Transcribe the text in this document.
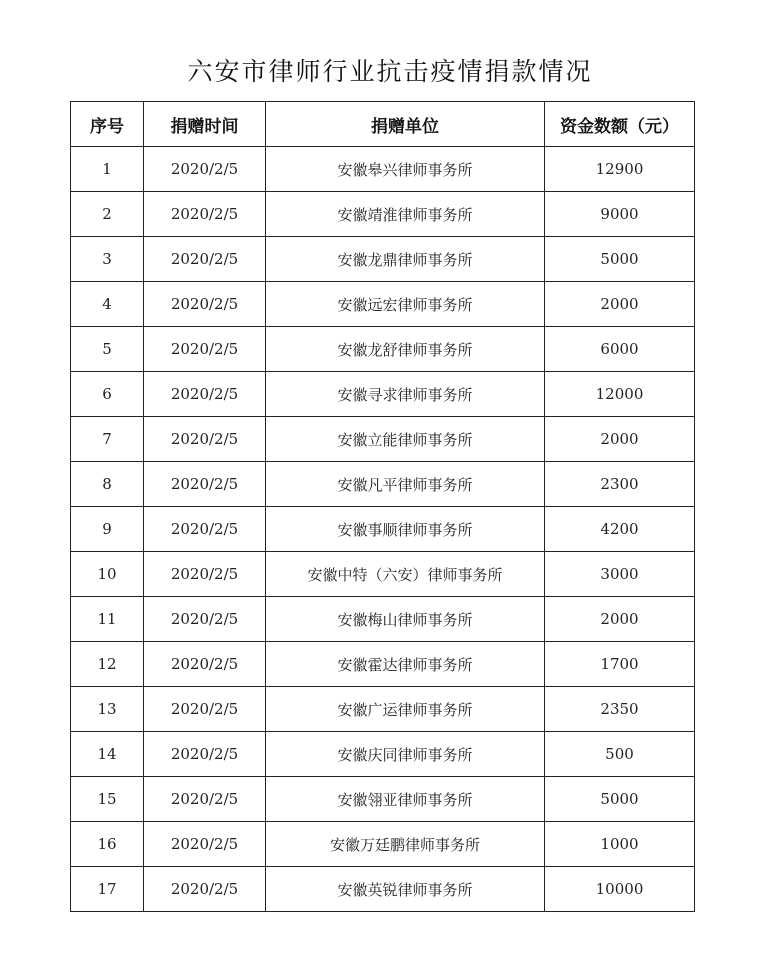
六安市律师行业抗击疫情捐款情况
序号	捐赠时间	捐赠单位	资金数额（元）
1	2020/2/5	安徽皋兴律师事务所	12900
2	2020/2/5	安徽靖淮律师事务所	9000
3	2020/2/5	安徽龙鼎律师事务所	5000
4	2020/2/5	安徽远宏律师事务所	2000
5	2020/2/5	安徽龙舒律师事务所	6000
6	2020/2/5	安徽寻求律师事务所	12000
7	2020/2/5	安徽立能律师事务所	2000
8	2020/2/5	安徽凡平律师事务所	2300
9	2020/2/5	安徽事顺律师事务所	4200
10	2020/2/5	安徽中特（六安）律师事务所	3000
11	2020/2/5	安徽梅山律师事务所	2000
12	2020/2/5	安徽霍达律师事务所	1700
13	2020/2/5	安徽广运律师事务所	2350
14	2020/2/5	安徽庆同律师事务所	500
15	2020/2/5	安徽翎亚律师事务所	5000
16	2020/2/5	安徽万廷鹏律师事务所	1000
17	2020/2/5	安徽英锐律师事务所	10000
